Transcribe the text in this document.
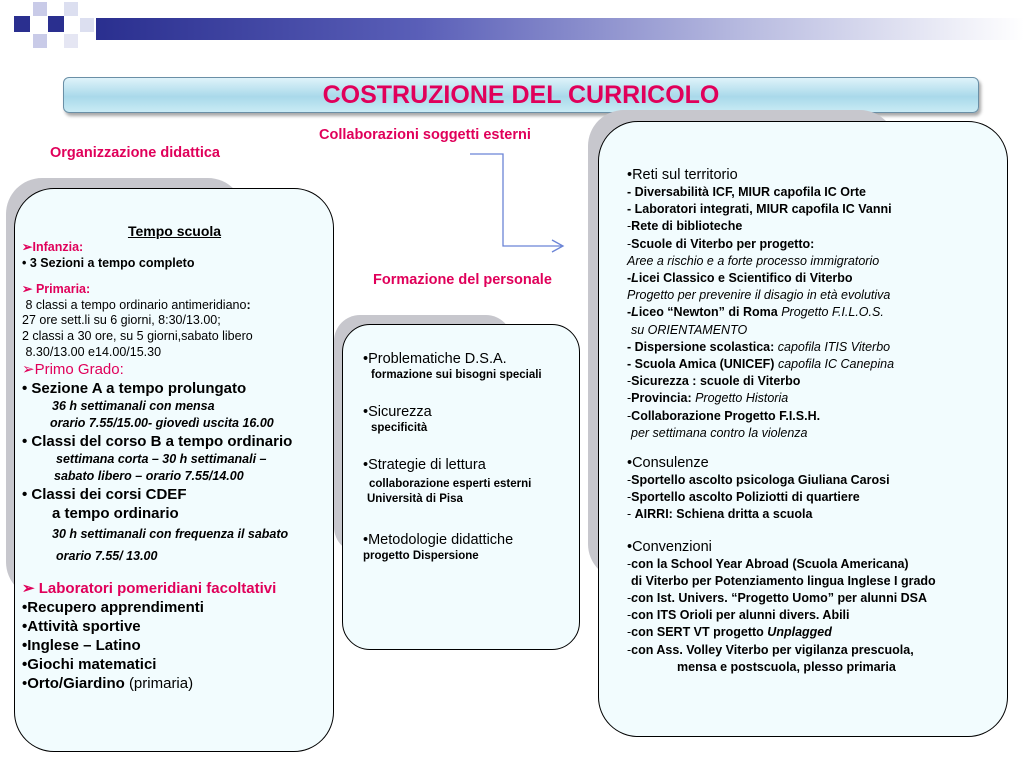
COSTRUZIONE DEL CURRICOLO
Organizzazione didattica
Collaborazioni soggetti esterni
Formazione del personale
Tempo scuola
➢Infanzia:
• 3 Sezioni a tempo completo
➢ Primaria:
8 classi a tempo ordinario antimeridiano:
27 ore sett.li su 6 giorni, 8:30/13.00;
2 classi a 30 ore, su 5 giorni,sabato libero
8.30/13.00 e14.00/15.30
➢Primo Grado:
• Sezione A a tempo prolungato
36 h settimanali con mensa
orario 7.55/15.00- giovedì uscita 16.00
• Classi del corso B a tempo ordinario
settimana corta – 30 h settimanali –
sabato libero – orario 7.55/14.00
• Classi dei corsi CDEF
a tempo ordinario
30 h settimanali con frequenza il sabato
orario 7.55/ 13.00
➢ Laboratori pomeridiani facoltativi
•Recupero apprendimenti
•Attività sportive
•Inglese – Latino
•Giochi matematici
•Orto/Giardino (primaria)
•Problematiche D.S.A.
formazione sui bisogni speciali
•Sicurezza
specificità
•Strategie di lettura
collaborazione esperti esterni
Università di Pisa
•Metodologie didattiche
progetto Dispersione
•Reti sul territorio
- Diversabilità ICF, MIUR capofila IC Orte
- Laboratori integrati, MIUR capofila IC Vanni
-Rete di biblioteche
-Scuole di Viterbo per progetto:
Aree a rischio e a forte processo immigratorio
-Licei Classico e Scientifico di Viterbo
Progetto per prevenire il disagio in età evolutiva
-Liceo “Newton” di Roma Progetto F.I.L.O.S.
su ORIENTAMENTO
- Dispersione scolastica: capofila ITIS Viterbo
- Scuola Amica (UNICEF) capofila IC Canepina
-Sicurezza : scuole di Viterbo
-Provincia: Progetto Historia
-Collaborazione Progetto F.I.S.H.
per settimana contro la violenza
•Consulenze
-Sportello ascolto psicologa Giuliana Carosi
-Sportello ascolto Poliziotti di quartiere
- AIRRI: Schiena dritta a scuola
•Convenzioni
-con la School Year Abroad (Scuola Americana)
di Viterbo per Potenziamento lingua Inglese I grado
-con Ist. Univers. “Progetto Uomo” per alunni DSA
-con ITS Orioli per alunni divers. Abili
-con SERT VT progetto Unplagged
-con Ass. Volley Viterbo per vigilanza prescuola,
mensa e postscuola, plesso primaria
